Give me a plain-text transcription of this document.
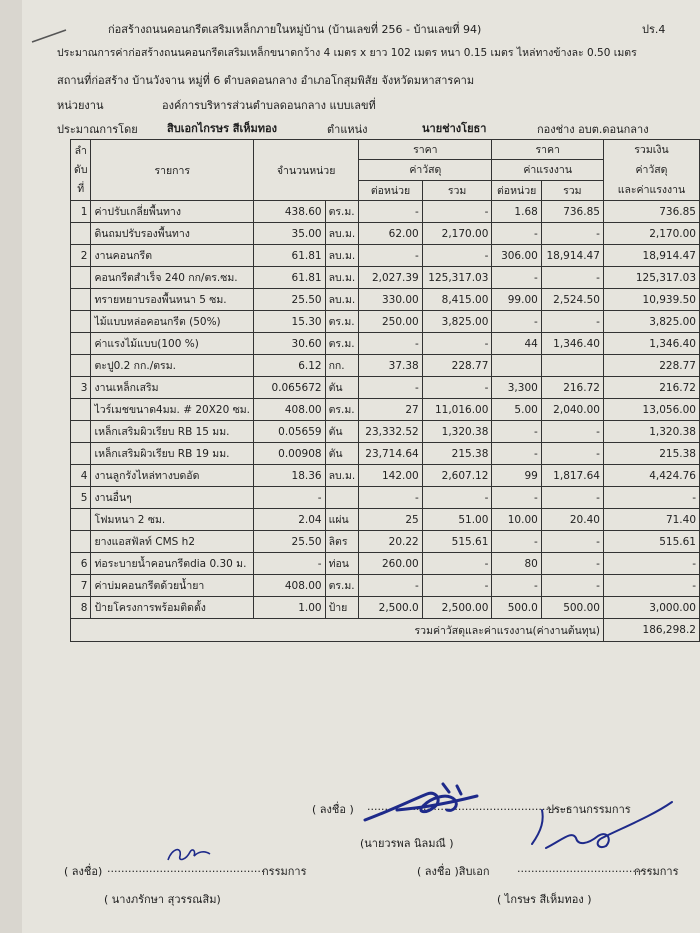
ก่อสร้างถนนคอนกรีตเสริมเหล็กภายในหมู่บ้าน (บ้านเลขที่ 256 - บ้านเลขที่ 94)	ปร.4
ประมาณการค่าก่อสร้างถนนคอนกรีตเสริมเหล็กขนาดกว้าง 4 เมตร x ยาว 102 เมตร หนา 0.15 เมตร ไหล่ทางข้างละ 0.50 เมตร
สถานที่ก่อสร้าง บ้านวังจาน หมู่ที่ 6 ตำบลดอนกลาง อำเภอโกสุมพิสัย จังหวัดมหาสารคาม
หน่วยงาน	องค์การบริหารส่วนตำบลดอนกลาง แบบเลขที่
ประมาณการโดย	สิบเอกไกรษร สีเห็มทอง	ตำแหน่ง	นายช่างโยธา	กองช่าง อบต.ดอนกลาง
ลำ
ดับ
ที่	รายการ	จำนวนหน่วย		ราคา		ราคา		รวมเงิน
ค่าวัสดุ
และค่าแรงงาน
				ค่าวัสดุ		ค่าแรงงาน		
				ต่อหน่วย	รวม	ต่อหน่วย	รวม	
1	ค่าปรับเกลี่ยพื้นทาง	438.60	ตร.ม.	-	-	1.68	736.85	736.85
	ดินถมปรับรองพื้นทาง	35.00	ลบ.ม.	62.00	2,170.00	-	-	2,170.00
2	งานคอนกรีต	61.81	ลบ.ม.	-	-	306.00	18,914.47	18,914.47
	คอนกรีตสำเร็จ 240 กก/ตร.ซม.	61.81	ลบ.ม.	2,027.39	125,317.03	-	-	125,317.03
	ทรายหยาบรองพื้นหนา 5 ซม.	25.50	ลบ.ม.	330.00	8,415.00	99.00	2,524.50	10,939.50
	ไม้แบบหล่อคอนกรีต (50%)	15.30	ตร.ม.	250.00	3,825.00	-	-	3,825.00
	ค่าแรงไม้แบบ(100 %)	30.60	ตร.ม.	-	-	44	1,346.40	1,346.40
	ตะปู0.2 กก./ตรม.	6.12	กก.	37.38	228.77			228.77
3	งานเหล็กเสริม	0.065672	ตัน	-	-	3,300	216.72	216.72
	ไวร์เมชขนาด4มม. # 20X20 ซม.	408.00	ตร.ม.	27	11,016.00	5.00	2,040.00	13,056.00
	เหล็กเสริมผิวเรียบ RB 15 มม.	0.05659	ตัน	23,332.52	1,320.38	-	-	1,320.38
	เหล็กเสริมผิวเรียบ RB 19 มม.	0.00908	ตัน	23,714.64	215.38	-	-	215.38
4	งานลูกรังไหล่ทางบดอัด	18.36	ลบ.ม.	142.00	2,607.12	99	1,817.64	4,424.76
5	งานอื่นๆ	-		-	-	-	-	-
	โฟมหนา 2 ซม.	2.04	แผ่น	25	51.00	10.00	20.40	71.40
	ยางแอสฟัลท์ CMS h2	25.50	ลิตร	20.22	515.61	-	-	515.61
6	ท่อระบายน้ำคอนกรีตdia 0.30 ม.	-	ท่อน	260.00	-	80	-	-
7	ค่าบ่มคอนกรีตด้วยน้ำยา	408.00	ตร.ม.	-	-	-	-	-
8	ป้ายโครงการพร้อมติดตั้ง	1.00	ป้าย	2,500.0	2,500.00	500.0	500.00	3,000.00
รวมค่าวัสดุและค่าแรงงาน(ค่างานต้นทุน)								186,298.2
( ลงชื่อ ) ..........................................................
ประธานกรรมการ
(นายวรพล นิลมณี )
( ลงชื่อ) .............................................
กรรมการ
( นางภรักษา สุวรรณสิม)
( ลงชื่อ )สิบเอก	......................................
กรรมการ
( ไกรษร สีเห็มทอง )
